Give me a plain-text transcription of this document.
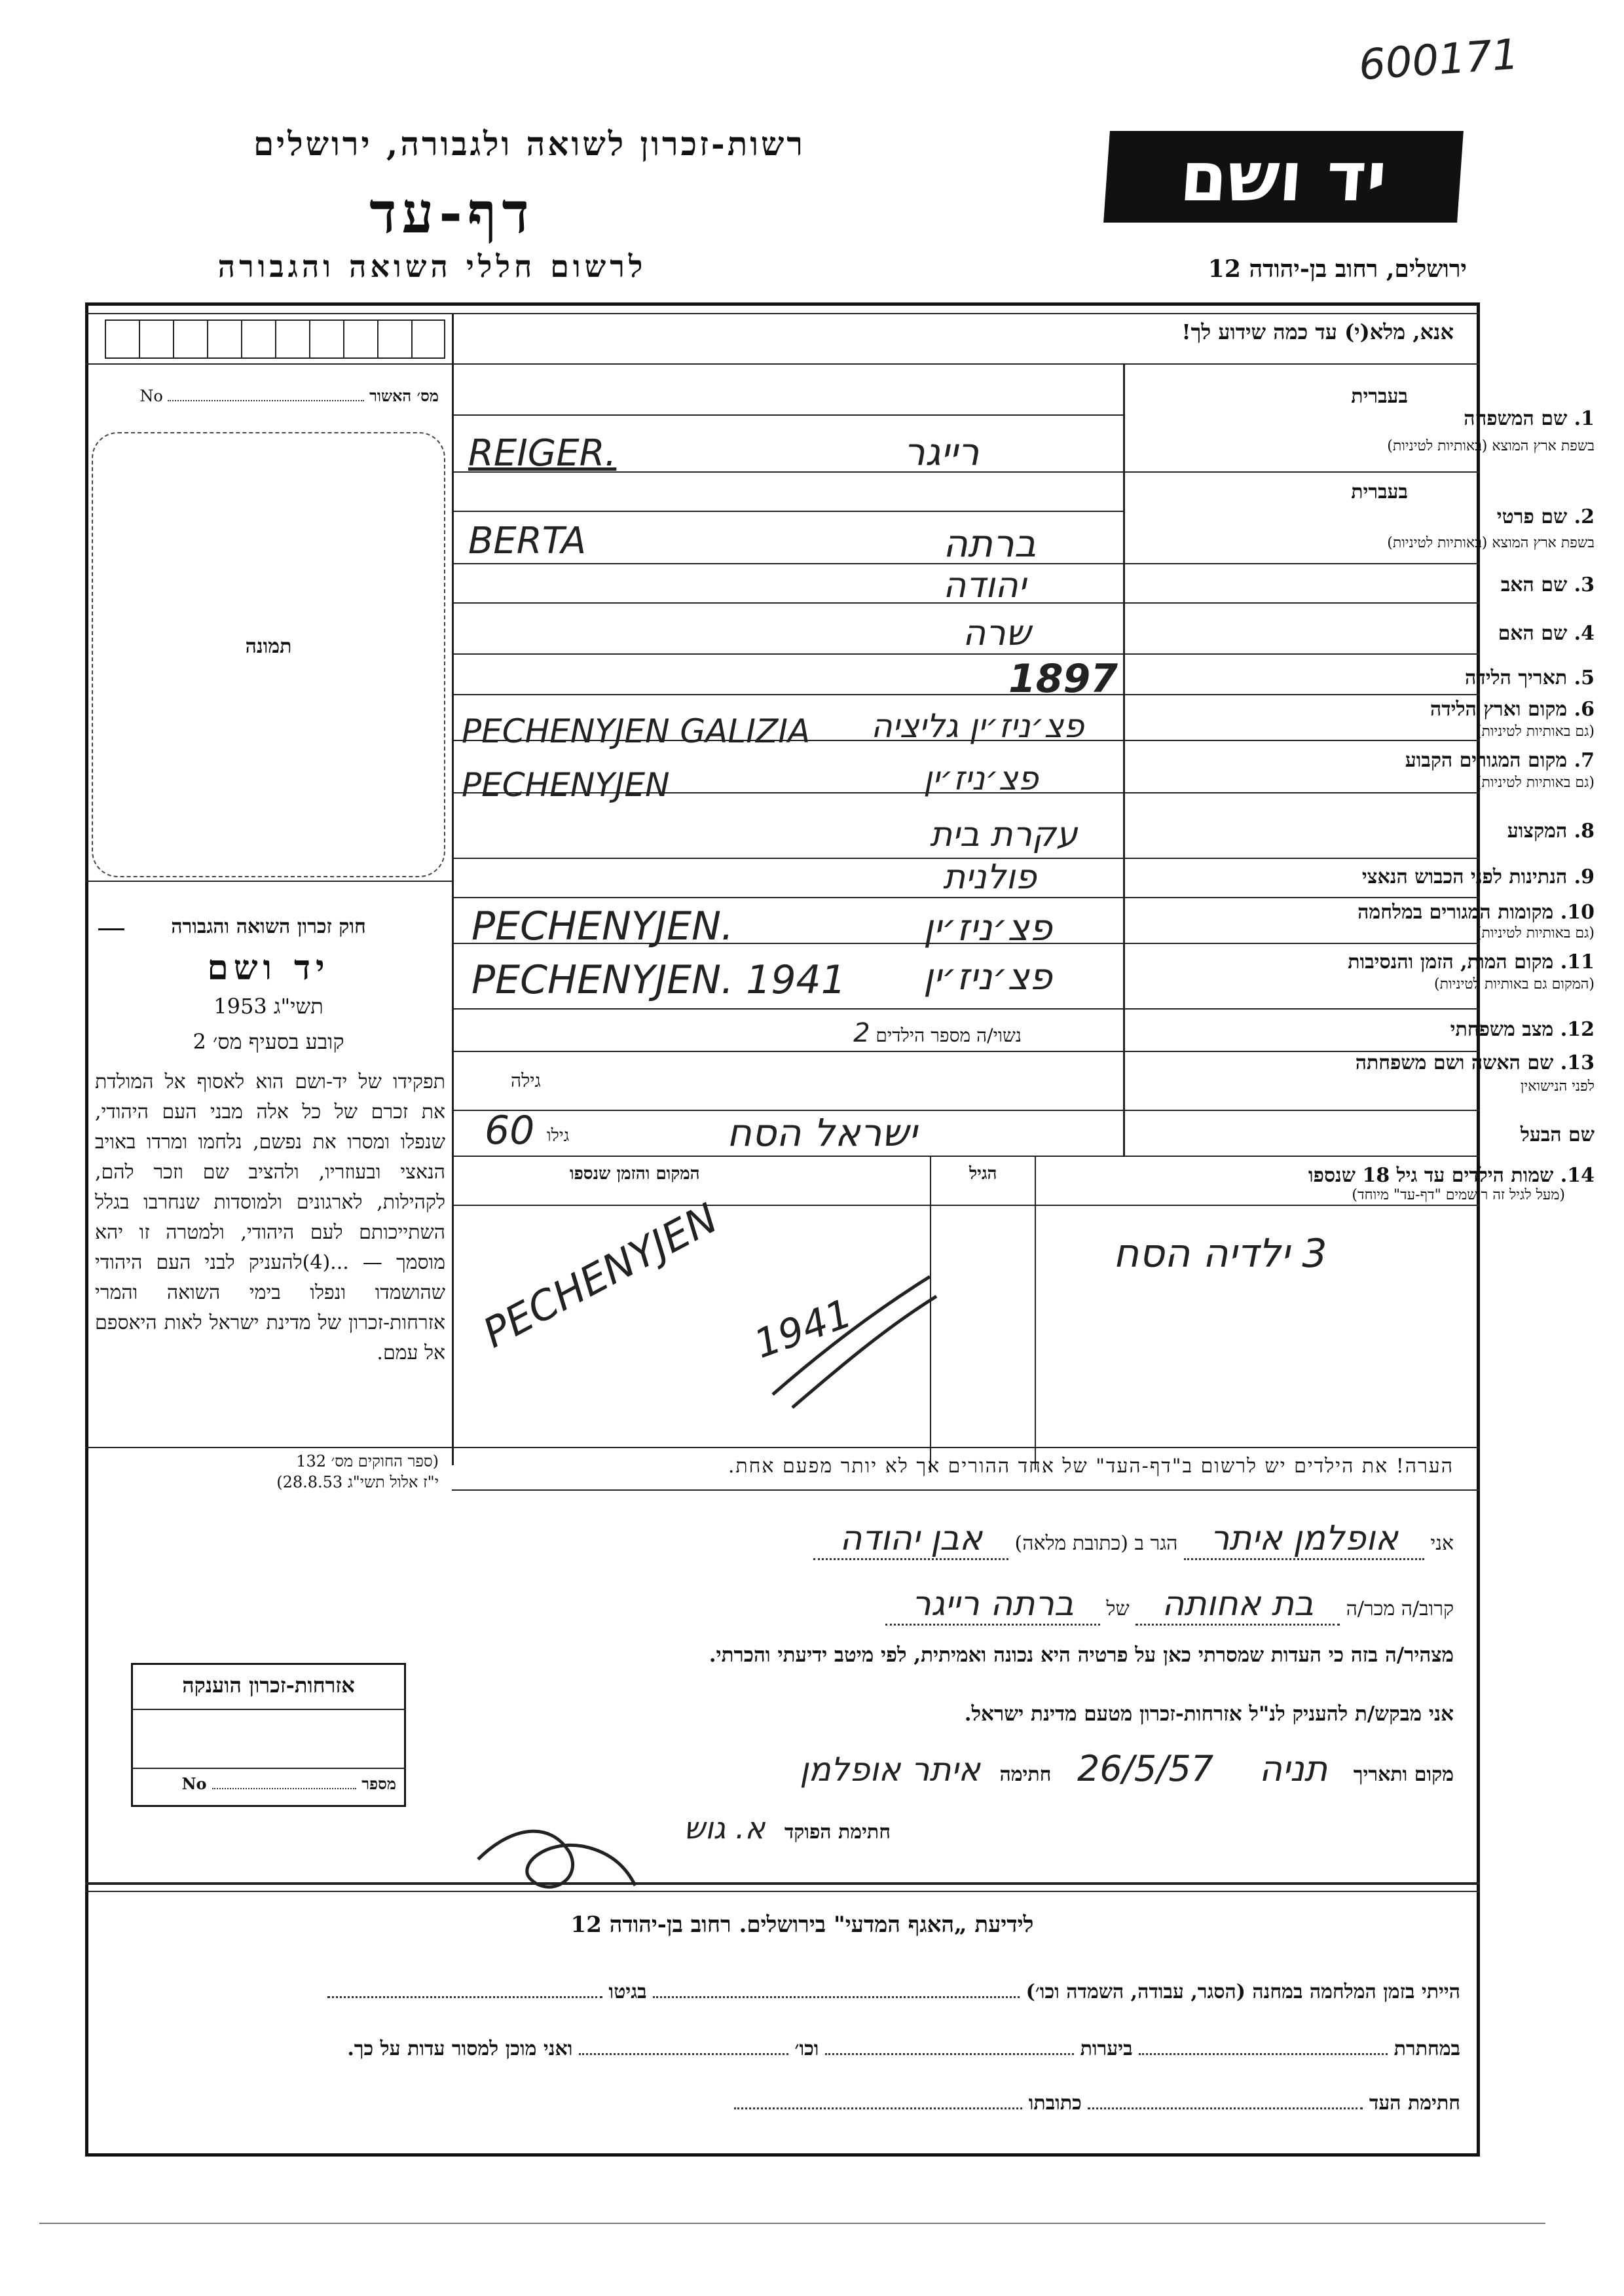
600171
רשות-זכרון לשואה ולגבורה, ירושלים
דף-עד
לרשום חללי השואה והגבורה
יד ושם
ירושלים, רחוב בן-יהודה 12
אנא, מלא(י) עד כמה שידוע לך!
מס׳ האשור  No
תמונה
בעברית
1. שם המשפחה
בשפת ארץ המוצא (באותיות לטיניות)
רייגר
REIGER.
בעברית
2. שם פרטי
בשפת ארץ המוצא (באותיות לטיניות)
ברתה
BERTA
3. שם האב
יהודה
4. שם האם
שרה
5. תאריך הלידה
1897
6. מקום וארץ הלידה
(גם באותיות לטיניות)
פצ׳ניז׳ין גליציה
PECHENYJEN GALIZIA
7. מקום המגורים הקבוע
(גם באותיות לטיניות)
פצ׳ניז׳ין
PECHENYJEN
8. המקצוע
עקרת בית
9. הנתינות לפני הכבוש הנאצי
פולנית
10. מקומות המגורים במלחמה
(גם באותיות לטיניות)
פצ׳ניז׳ין
PECHENYJEN.
11. מקום המות, הזמן והנסיבות
(המקום גם באותיות לטיניות)
פצ׳ניז׳ין
PECHENYJEN. 1941
12. מצב משפחתי
נשוי/ה מספר הילדים 2
13. שם האשה ושם משפחתה
לפני הנישואין
גילה
שם הבעל
ישראל הסח
גילו
60
14. שמות הילדים עד גיל 18 שנספו
(מעל לגיל זה רושמים "דף-עד" מיוחד)
הגיל
המקום והזמן שנספו
3 ילדיה הסח
PECHENYJEN 1941
חוק זכרון השואה והגבורה
יד ושם
תשי"ג 1953
קובע בסעיף מס׳ 2
תפקידו של יד-ושם הוא לאסוף אל המולדת את זכרם של כל אלה מבני העם היהודי, שנפלו ומסרו את נפשם, נלחמו ומרדו באויב הנאצי ובעוזריו, ולהציב שם וזכר להם, לקהילות, לארגונים ולמוסדות שנחרבו בגלל השתייכותם לעם היהודי, ולמטרה זו יהא מוסמך — ...(4)להעניק לבני העם היהודי שהושמדו ונפלו בימי השואה והמרי אזרחות-זכרון של מדינת ישראל לאות היאספם אל עמם.
(ספר החוקים מס׳ 132
י"ז אלול תשי"ג 28.8.53)
הערה! את הילדים יש לרשום ב"דף-העד" של אחד ההורים אך לא יותר מפעם אחת.
אני אופלמן איתר הגר ב (כתובת מלאה) אבן יהודה
קרוב/ה מכר/ה בת אחותה של ברתה רייגר
מצהיר/ה בזה כי העדות שמסרתי כאן על פרטיה היא נכונה ואמיתית, לפי מיטב ידיעתי והכרתי.
אני מבקש/ת להעניק לנ"ל אזרחות-זכרון מטעם מדינת ישראל.
מקום ותאריך תניה 26/5/57 חתימה איתר אופלמן
חתימת הפוקד א. גוש
אזרחות-זכרון הוענקה
מספר  No
לידיעת „האגף המדעי" בירושלים. רחוב בן-יהודה 12
הייתי בזמן המלחמה במחנה (הסגר, עבודה, השמדה וכו׳)  בגיטו
במחתרת  ביערות  וכו׳  ואני מוכן למסור עדות על כך.
חתימת העד  כתובתו
